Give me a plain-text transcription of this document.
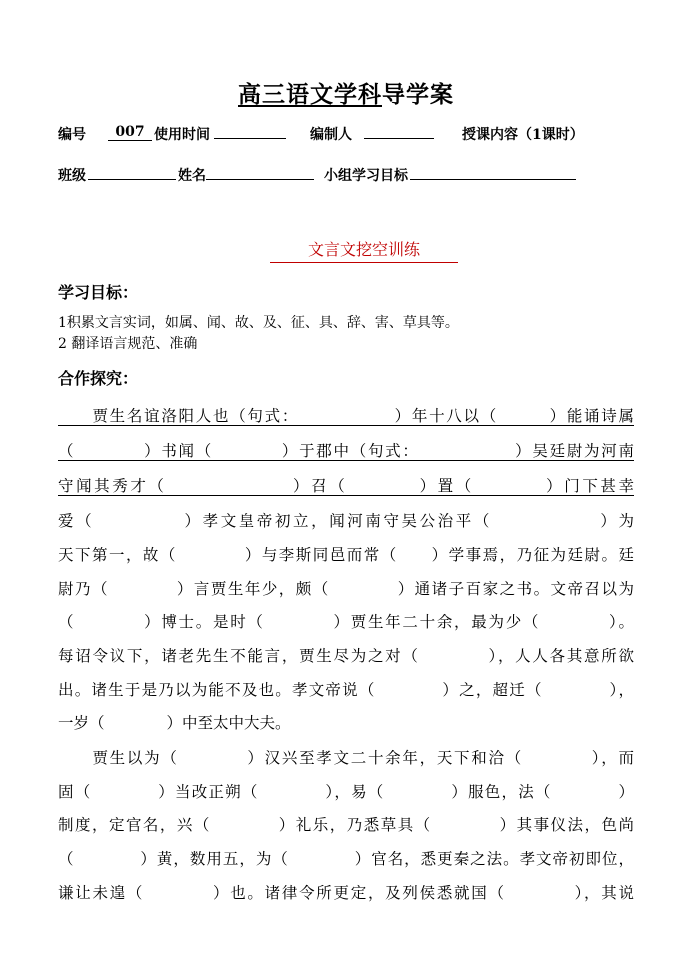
高三语文学科导学案
编号	007 使用时间	编制人	授课内容（1课时）
班级	姓名	小组学习目标
文言文挖空训练
学习目标：
1积累文言实词，如属、闻、故、及、征、具、辞、害、草具等。
2 翻译语言规范、准确
合作探究：
　　贾生名谊洛阳人也（句式：　　　　　　）年十八以（　　　）能诵诗属
（　　　　）书闻（　　　　）于郡中（句式：　　　　　　）吴廷尉为河南
守闻其秀才（　　　　　　　）召（　　　　）置（　　　　）门下甚幸
爱（　　　　　）孝文皇帝初立，闻河南守吴公治平（　　　　　　）为
天下第一，故（　　　　）与李斯同邑而常（　　）学事焉，乃征为廷尉。廷
尉乃（　　　　）言贾生年少，颇（　　　　）通诸子百家之书。文帝召以为
（　　　　）博士。是时（　　　　）贾生年二十余，最为少（　　　　）。
每诏令议下，诸老先生不能言，贾生尽为之对（　　　　），人人各其意所欲
出。诸生于是乃以为能不及也。孝文帝说（　　　　）之，超迁（　　　　），
一岁（　　　　）中至太中大夫。
　　贾生以为（　　　　）汉兴至孝文二十余年，天下和洽（　　　　），而
固（　　　　）当改正朔（　　　　），易（　　　　）服色，法（　　　　）
制度，定官名，兴（　　　　）礼乐，乃悉草具（　　　　）其事仪法，色尚
（　　　　）黄，数用五，为（　　　　）官名，悉更秦之法。孝文帝初即位，
谦让未遑（　　　　）也。诸律令所更定，及列侯悉就国（　　　　），其说
